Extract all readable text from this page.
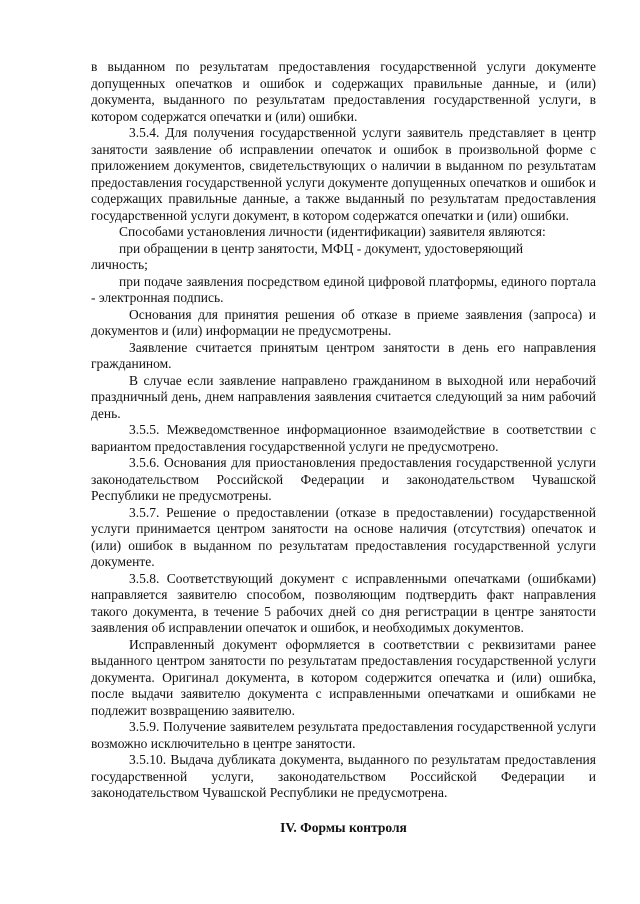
в выданном по результатам предоставления государственной услуги документе допущенных опечатков и ошибок и содержащих правильные данные, и (или) документа, выданного по результатам предоставления государственной услуги, в котором содержатся опечатки и (или) ошибки.

3.5.4. Для получения государственной услуги заявитель представляет в центр занятости заявление об исправлении опечаток и ошибок в произвольной форме с приложением документов, свидетельствующих о наличии в выданном по результатам предоставления государственной услуги документе допущенных опечатков и ошибок и содержащих правильные данные, а также выданный по результатам предоставления государственной услуги документ, в котором содержатся опечатки и (или) ошибки.

Способами установления личности (идентификации) заявителя являются:

при обращении в центр занятости, МФЦ - документ, удостоверяющий личность;

при подаче заявления посредством единой цифровой платформы, единого портала - электронная подпись.

Основания для принятия решения об отказе в приеме заявления (запроса) и документов и (или) информации не предусмотрены.

Заявление считается принятым центром занятости в день его направления гражданином.

В случае если заявление направлено гражданином в выходной или нерабочий праздничный день, днем направления заявления считается следующий за ним рабочий день.

3.5.5. Межведомственное информационное взаимодействие в соответствии с вариантом предоставления государственной услуги не предусмотрено.

3.5.6. Основания для приостановления предоставления государственной услуги законодательством Российской Федерации и законодательством Чувашской Республики не предусмотрены.

3.5.7. Решение о предоставлении (отказе в предоставлении) государственной услуги принимается центром занятости на основе наличия (отсутствия) опечаток и (или) ошибок в выданном по результатам предоставления государственной услуги документе.

3.5.8. Соответствующий документ с исправленными опечатками (ошибками) направляется заявителю способом, позволяющим подтвердить факт направления такого документа, в течение 5 рабочих дней со дня регистрации в центре занятости заявления об исправлении опечаток и ошибок, и необходимых документов.

Исправленный документ оформляется в соответствии с реквизитами ранее выданного центром занятости по результатам предоставления государственной услуги документа. Оригинал документа, в котором содержится опечатка и (или) ошибка, после выдачи заявителю документа с исправленными опечатками и ошибками не подлежит возвращению заявителю.

3.5.9. Получение заявителем результата предоставления государственной услуги возможно исключительно в центре занятости.

3.5.10. Выдача дубликата документа, выданного по результатам предоставления государственной услуги, законодательством Российской Федерации и законодательством Чувашской Республики не предусмотрена.

IV. Формы контроля
